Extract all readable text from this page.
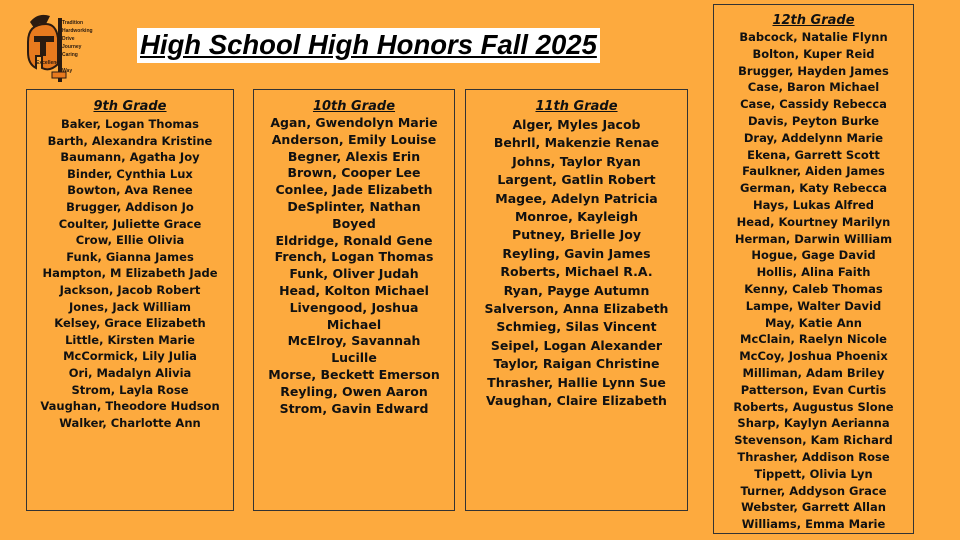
Tradition
Hardworking
Drive
Journey
Caring
Excellence
Way
High School High Honors Fall 2025
9th Grade
Baker, Logan Thomas
Barth, Alexandra Kristine
Baumann, Agatha Joy
Binder, Cynthia Lux
Bowton, Ava Renee
Brugger, Addison Jo
Coulter, Juliette Grace
Crow, Ellie Olivia
Funk, Gianna James
Hampton, M Elizabeth Jade
Jackson, Jacob Robert
Jones, Jack William
Kelsey, Grace Elizabeth
Little, Kirsten Marie
McCormick, Lily Julia
Ori, Madalyn Alivia
Strom, Layla Rose
Vaughan, Theodore Hudson
Walker, Charlotte Ann
10th Grade
Agan, Gwendolyn Marie
Anderson, Emily Louise
Begner, Alexis Erin
Brown, Cooper Lee
Conlee, Jade Elizabeth
DeSplinter, Nathan Boyed
Eldridge, Ronald Gene
French, Logan Thomas
Funk, Oliver Judah
Head, Kolton Michael
Livengood, Joshua Michael
McElroy, Savannah Lucille
Morse, Beckett Emerson
Reyling, Owen Aaron
Strom, Gavin Edward
11th Grade
Alger, Myles Jacob
Behrll, Makenzie Renae
Johns, Taylor Ryan
Largent, Gatlin Robert
Magee, Adelyn Patricia
Monroe, Kayleigh
Putney, Brielle Joy
Reyling, Gavin James
Roberts, Michael R.A.
Ryan, Payge Autumn
Salverson, Anna Elizabeth
Schmieg, Silas Vincent
Seipel, Logan Alexander
Taylor, Raigan Christine
Thrasher, Hallie Lynn Sue
Vaughan, Claire Elizabeth
12th Grade
Babcock, Natalie Flynn
Bolton, Kuper Reid
Brugger, Hayden James
Case, Baron Michael
Case, Cassidy Rebecca
Davis, Peyton Burke
Dray, Addelynn Marie
Ekena, Garrett Scott
Faulkner, Aiden James
German, Katy Rebecca
Hays, Lukas Alfred
Head, Kourtney Marilyn
Herman, Darwin William
Hogue, Gage David
Hollis, Alina Faith
Kenny, Caleb Thomas
Lampe, Walter David
May, Katie Ann
McClain, Raelyn Nicole
McCoy, Joshua Phoenix
Milliman, Adam Briley
Patterson, Evan Curtis
Roberts, Augustus Slone
Sharp, Kaylyn Aerianna
Stevenson, Kam Richard
Thrasher, Addison Rose
Tippett, Olivia Lyn
Turner, Addyson Grace
Webster, Garrett Allan
Williams, Emma Marie
